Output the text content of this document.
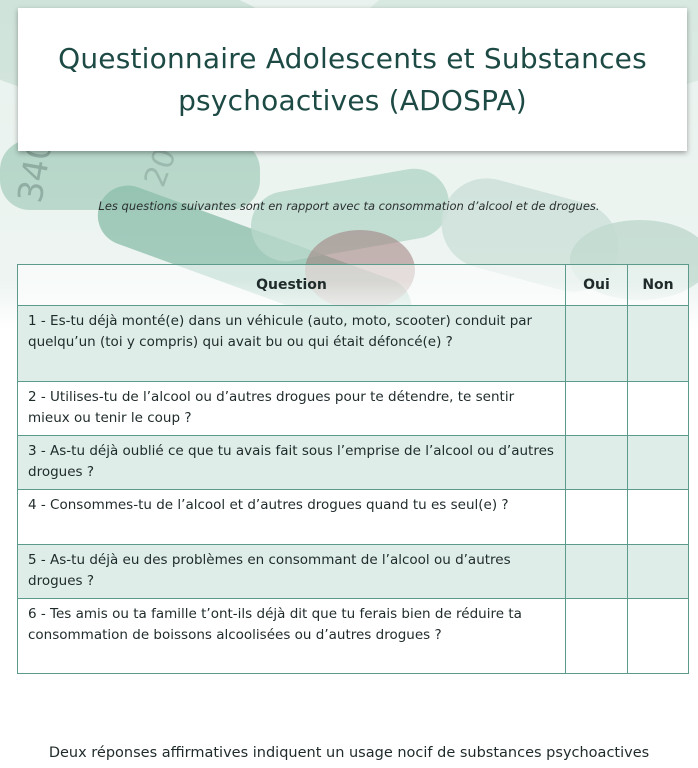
Questionnaire Adolescents et Substances
psychoactives (ADOSPA)
Les questions suivantes sont en rapport avec ta consommation d’alcool et de drogues.
Question	Oui	Non
1 - Es-tu déjà monté(e) dans un véhicule (auto, moto, scooter) conduit par quelqu’un (toi y compris) qui avait bu ou qui était défoncé(e) ?		
2 - Utilises-tu de l’alcool ou d’autres drogues pour te détendre, te sentir mieux ou tenir le coup ?		
3 - As-tu déjà oublié ce que tu avais fait sous l’emprise de l’alcool ou d’autres drogues ?		
4 - Consommes-tu de l’alcool et d’autres drogues quand tu es seul(e) ?		
5 - As-tu déjà eu des problèmes en consommant de l’alcool ou d’autres drogues ?		
6 - Tes amis ou ta famille t’ont-ils déjà dit que tu ferais bien de réduire ta consommation de boissons alcoolisées ou d’autres drogues ?		
Deux réponses affirmatives indiquent un usage nocif de substances psychoactives
